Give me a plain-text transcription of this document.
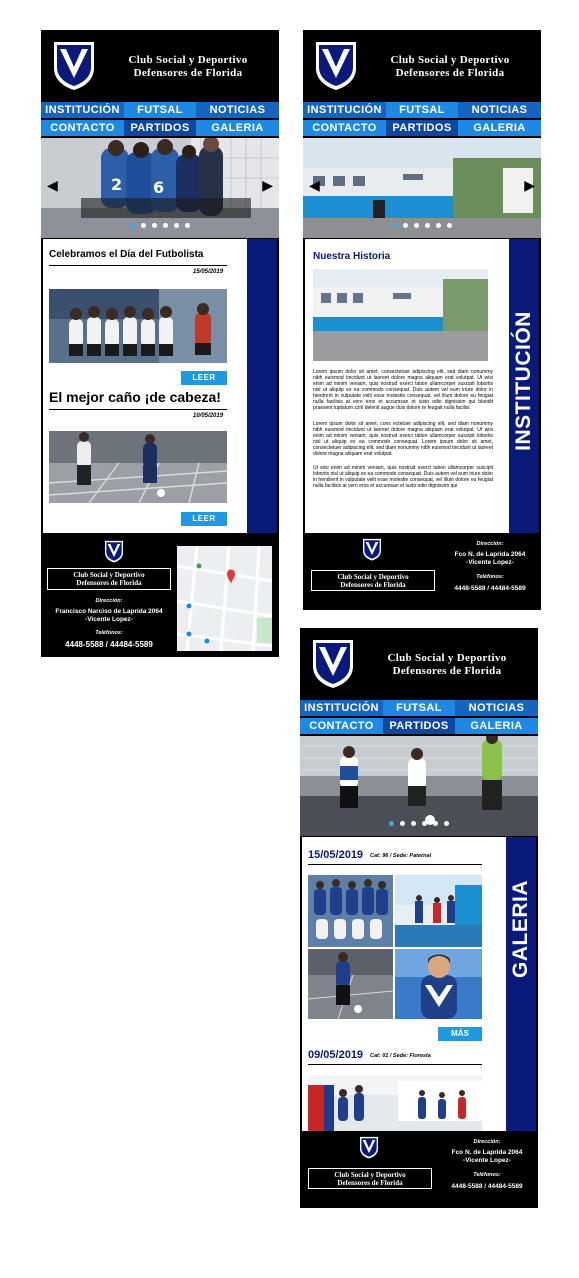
Club Social y Deportivo
Defensores de Florida
INSTITUCIÓN	FUTSAL	NOTICIAS
CONTACTO	PARTIDOS	GALERIA
2 6
◀	▶
Celebramos el Día del Futbolista
15/05/2019
LEER
El mejor caño ¡de cabeza!
10/05/2019
LEER
Club Social y Deportivo
Defensores de Florida
Dirección:
Francisco Narciso de Laprida 2064
-Vicente Lopez-
Teléfonos:
4448-5588 / 44484-5589
Club Social y Deportivo
Defensores de Florida
INSTITUCIÓN	FUTSAL	NOTICIAS
CONTACTO	PARTIDOS	GALERIA
◀	▶
Nuestra Historia
Lorem ipsum dolor sit amet, consectetuer adipiscing elit, sed diam nonummy nibh euismod tincidunt ut laoreet dolore magna aliquam erat volutpat. Ut wisi enim ad minim veniam, quis nostrud exerci tation ullamcorper suscipit lobortis nisl ut aliquip ex ea commodo consequat. Duis autem vel eum iriure dolor in hendrerit in vulputate velit esse molestie consequat, vel illum dolore eu feugiat nulla facilisis at vero eros et accumsan et iusto odio dignissim qui blandit praesent luptatum zzril delenit augue duis dolore te feugait nulla facilisi.
Lorem ipsum dolor sit amet, cons ectetuer adipiscing elit, sed diam nonummy nibh euismod tincidunt ut laoreet dolore magna aliquam erat volutpat. Ut wisi enim ad minim veniam, quis nostrud exerci tation ullamcorper suscipit lobortis nisl ut aliquip ex ea commodo consequat. Lorem ipsum dolor sit amet, consectetuer adipiscing elit, sed diam nonummy nibh euismod tincidunt ut laoreet dolore magna aliquam erat volutpat.
Ut wisi enim ad minim veniam, quis nostrud exerci tation ullamcorper suscipit lobortis nisl ut aliquip ex ea commodo consequat. Duis autem vel eum iriure dolor in hendrerit in vulputate velit esse molestie consequat, vel illum dolore eu feugiat nulla facilisis at vero eros et accumsan et iusto odio dignissim qui
INSTITUCIÓN
Club Social y Deportivo
Defensores de Florida
Dirección:
Fco N. de Laprida 2064
-Vicente Lopez-
Teléfonos:
4448-5588 / 44484-5589
Club Social y Deportivo
Defensores de Florida
INSTITUCIÓN	FUTSAL	NOTICIAS
CONTACTO	PARTIDOS	GALERIA
15/05/2019 Cat: 96 / Sede: Paternal
MÁS
09/05/2019 Cat: 01 / Sede: Floresta
GALERIA
Club Social y Deportivo
Defensores de Florida
Dirección:
Fco N. de Laprida 2064
-Vicente Lopez-
Teléfonos:
4448-5588 / 44484-5589
